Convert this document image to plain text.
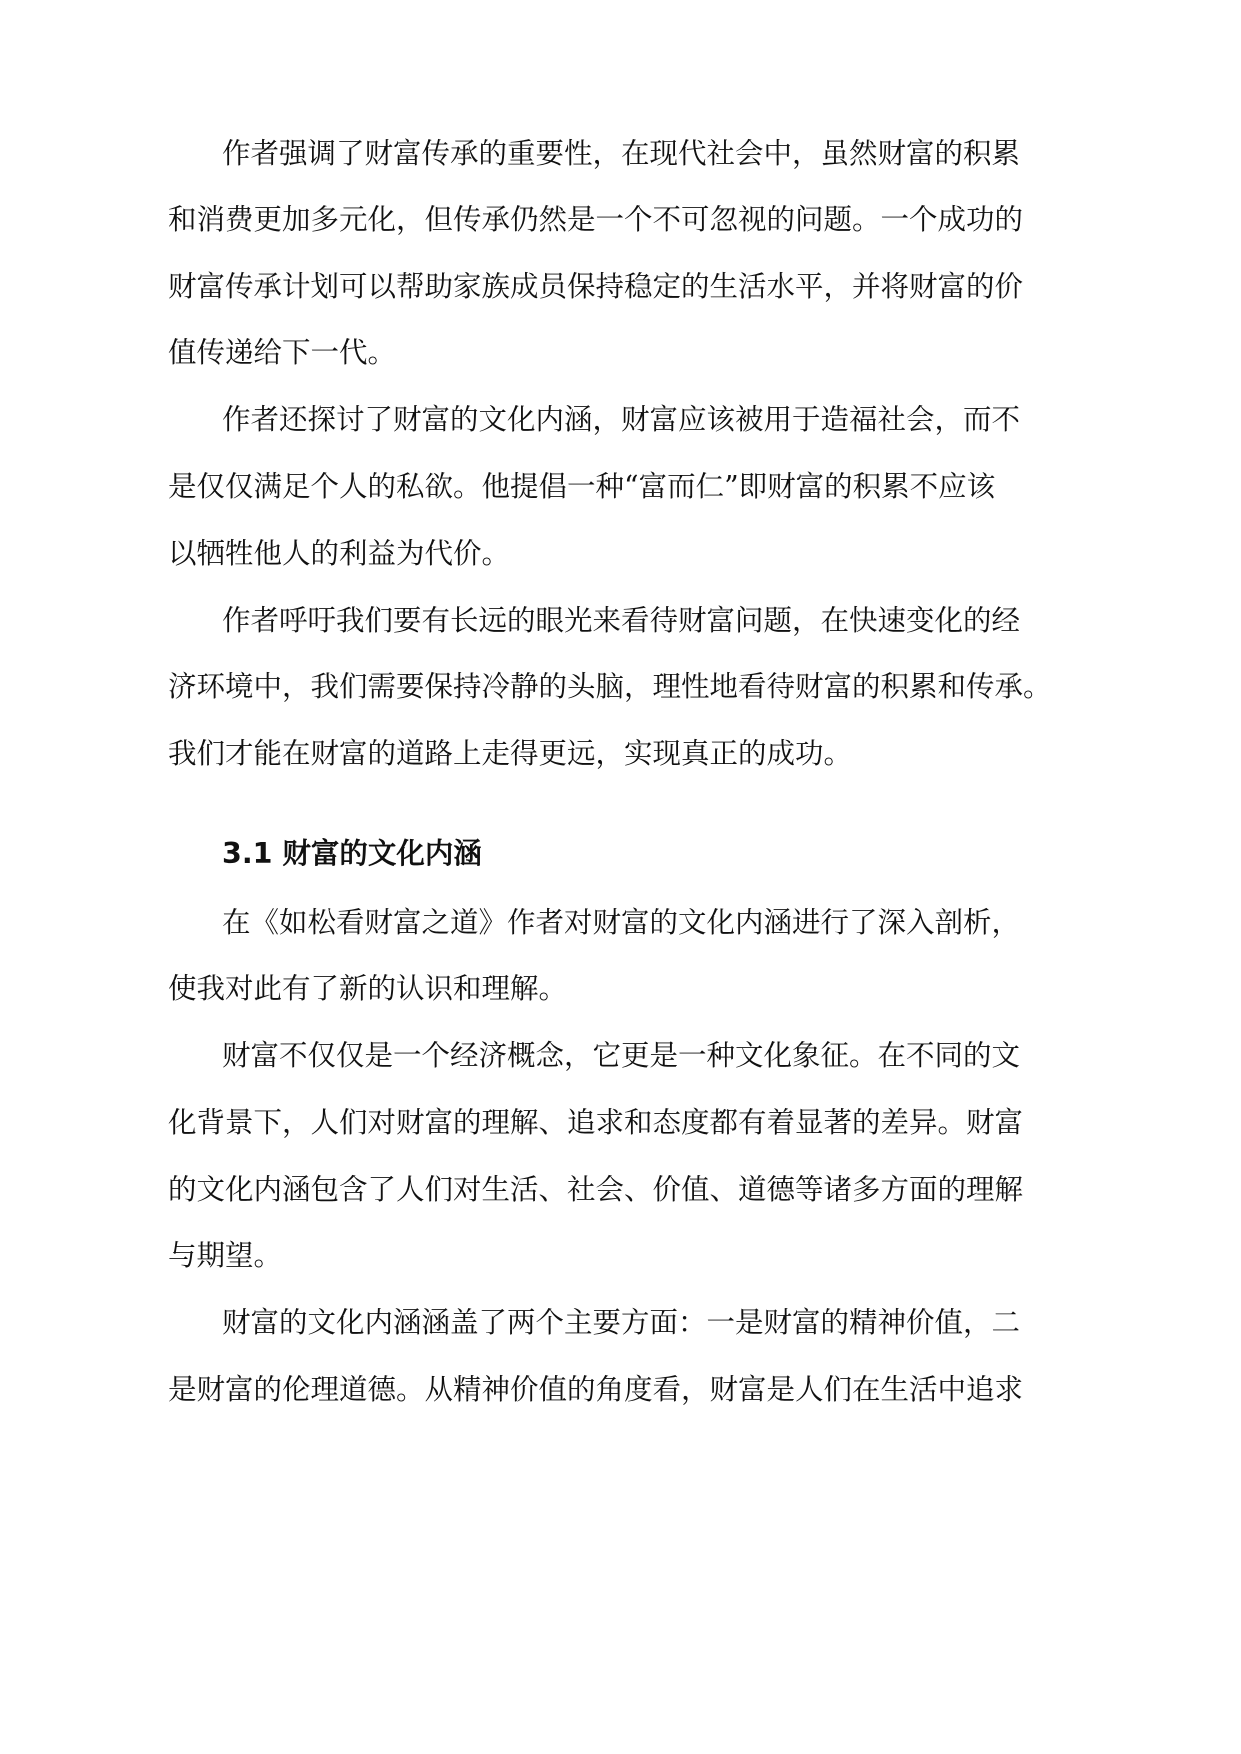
作者强调了财富传承的重要性，在现代社会中，虽然财富的积累
和消费更加多元化，但传承仍然是一个不可忽视的问题。一个成功的
财富传承计划可以帮助家族成员保持稳定的生活水平，并将财富的价
值传递给下一代。
作者还探讨了财富的文化内涵，财富应该被用于造福社会，而不
是仅仅满足个人的私欲。他提倡一种“富而仁”即财富的积累不应该
以牺牲他人的利益为代价。
作者呼吁我们要有长远的眼光来看待财富问题，在快速变化的经
济环境中，我们需要保持冷静的头脑，理性地看待财富的积累和传承。
我们才能在财富的道路上走得更远，实现真正的成功。
3.1 财富的文化内涵
在《如松看财富之道》作者对财富的文化内涵进行了深入剖析，
使我对此有了新的认识和理解。
财富不仅仅是一个经济概念，它更是一种文化象征。在不同的文
化背景下，人们对财富的理解、追求和态度都有着显著的差异。财富
的文化内涵包含了人们对生活、社会、价值、道德等诸多方面的理解
与期望。
财富的文化内涵涵盖了两个主要方面：一是财富的精神价值，二
是财富的伦理道德。从精神价值的角度看，财富是人们在生活中追求
